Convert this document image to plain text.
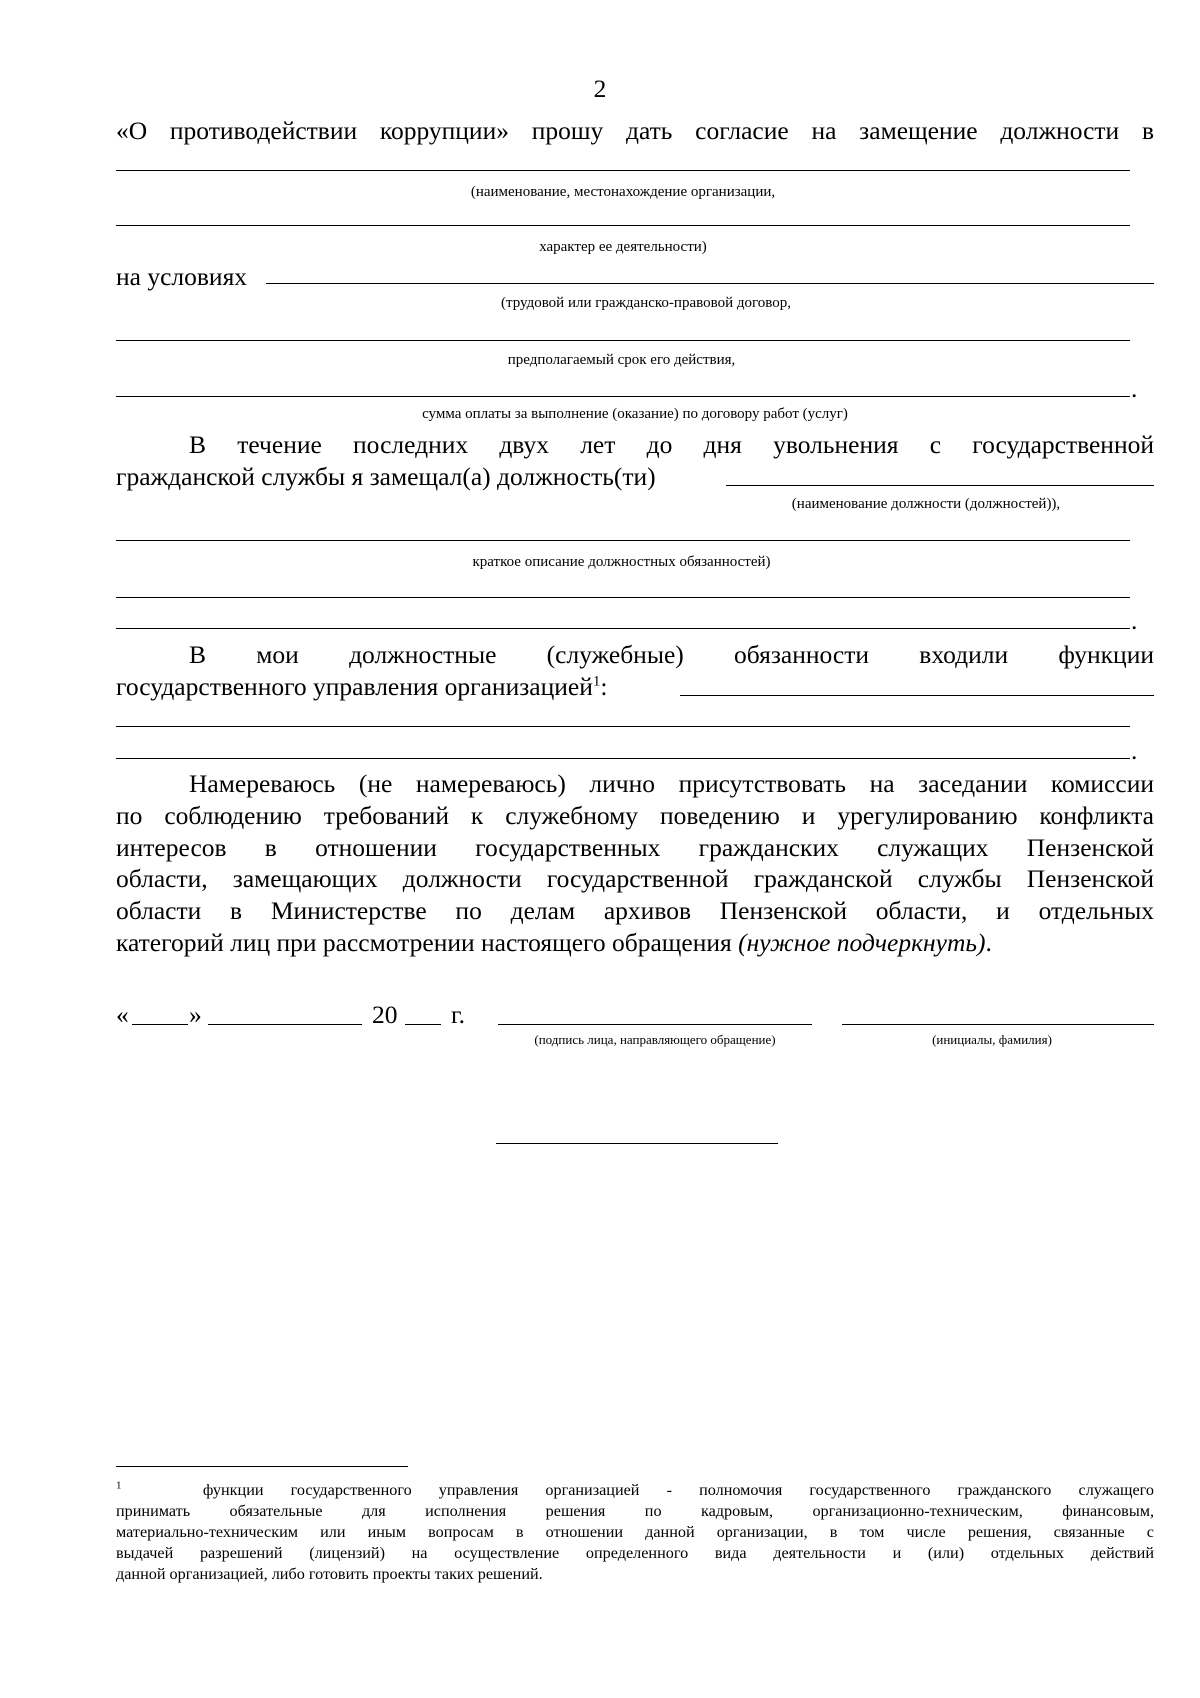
2
«О противодействии коррупции» прошу дать согласие на замещение должности в
(наименование, местонахождение организации,
характер ее деятельности)
на условиях
(трудовой или гражданско-правовой договор,
предполагаемый срок его действия,
.
сумма оплаты за выполнение (оказание) по договору работ (услуг)
В течение последних двух лет до дня увольнения с государственной
гражданской службы я замещал(а) должность(ти)
(наименование должности (должностей)),
краткое описание должностных обязанностей)
.
В мои должностные (служебные) обязанности входили функции
государственного управления организацией$^1$:
.
Намереваюсь (не намереваюсь) лично присутствовать на заседании комиссии
по соблюдению требований к служебному поведению и урегулированию конфликта
интересов в отношении государственных гражданских служащих Пензенской
области, замещающих должности государственной гражданской службы Пензенской
области в Министерстве по делам архивов Пензенской области, и отдельных
категорий лиц при рассмотрении настоящего обращения (нужное подчеркнуть).
« »	20 г.
(подпись лица, направляющего обращение)	(инициалы, фамилия)
$^1$	функции государственного управления организацией - полномочия государственного гражданского служащего
принимать обязательные для исполнения решения по кадровым, организационно-техническим, финансовым,
материально-техническим или иным вопросам в отношении данной организации, в том числе решения, связанные с
выдачей разрешений (лицензий) на осуществление определенного вида деятельности и (или) отдельных действий
данной организацией, либо готовить проекты таких решений.
